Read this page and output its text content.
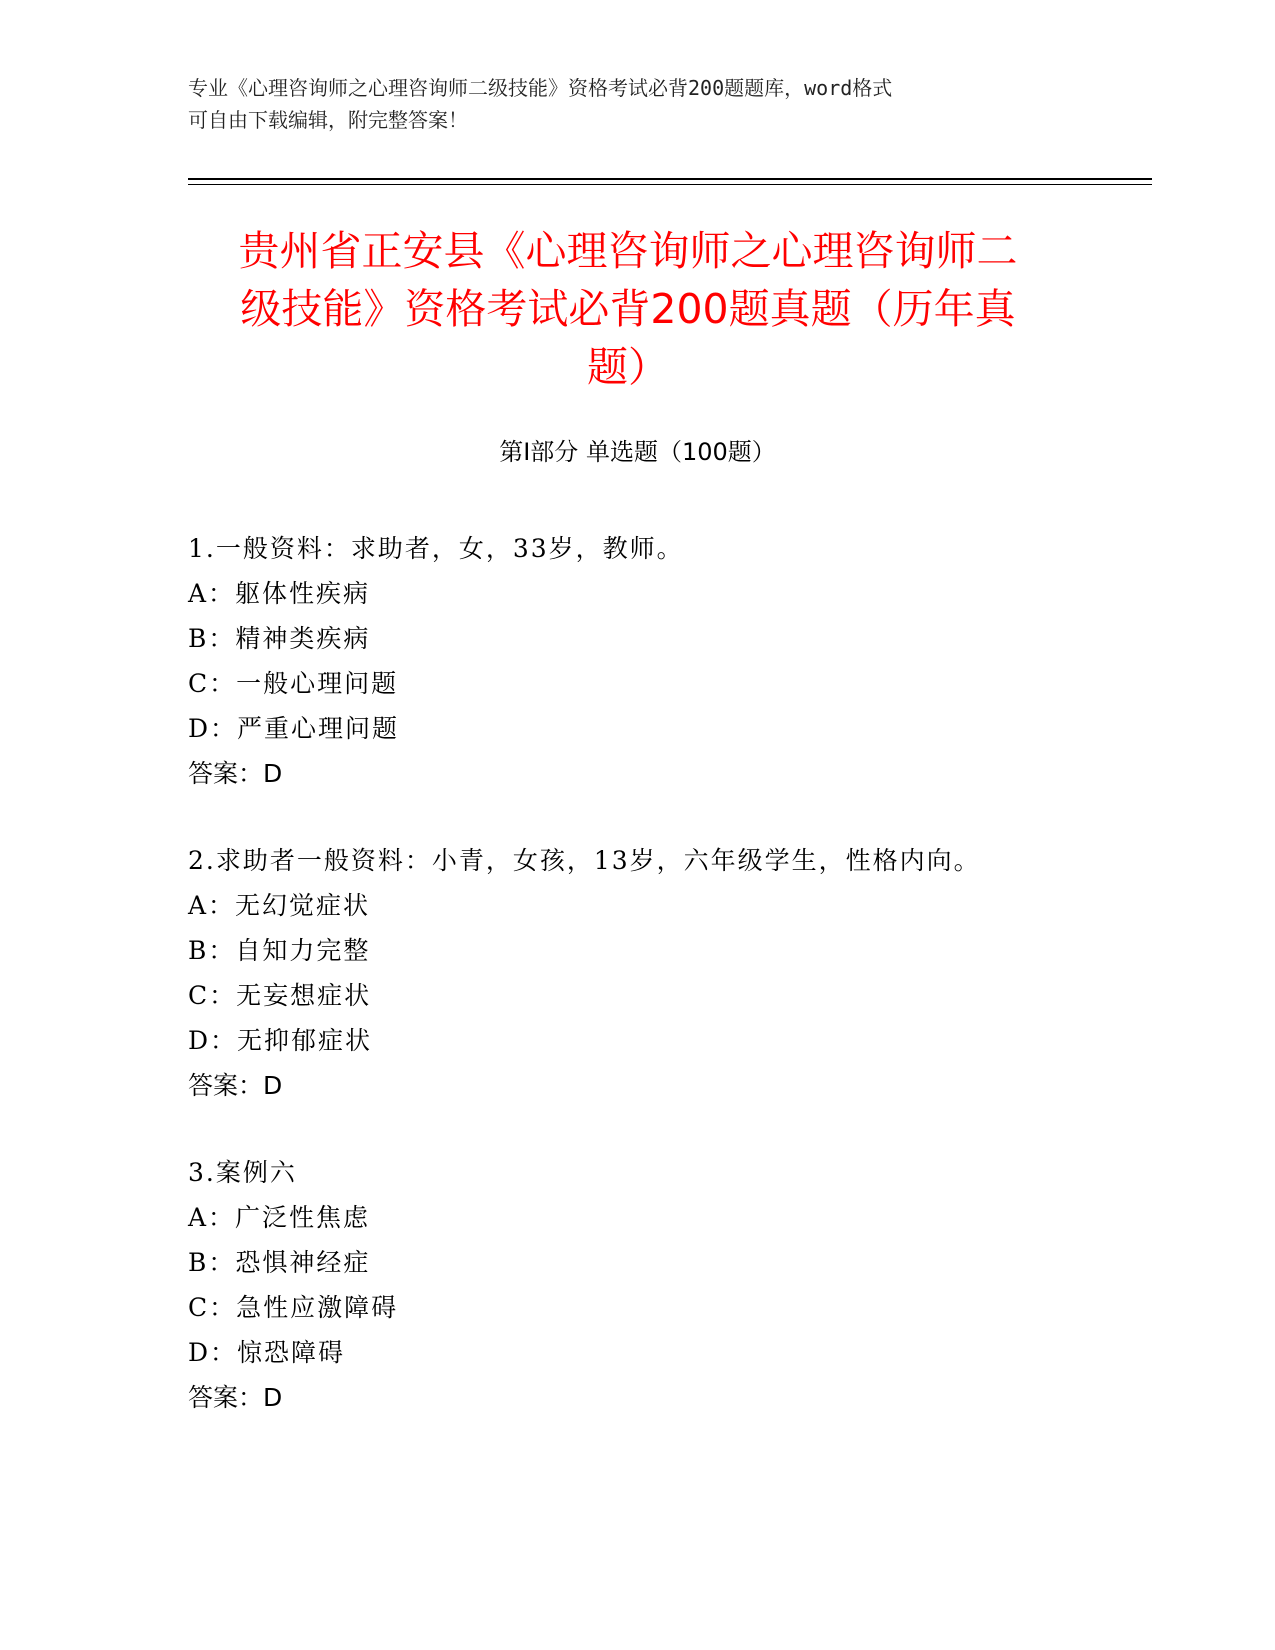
专业《心理咨询师之心理咨询师二级技能》资格考试必背200题题库，word格式

可自由下载编辑，附完整答案！

贵州省正安县《心理咨询师之心理咨询师二
级技能》资格考试必背200题真题（历年真
题）
第Ⅰ部分 单选题（100题）
1.一般资料：求助者，女，33岁，教师。
A：躯体性疾病
B：精神类疾病
C：一般心理问题
D：严重心理问题
答案：D
2.求助者一般资料：小青，女孩，13岁，六年级学生，性格内向。
A：无幻觉症状
B：自知力完整
C：无妄想症状
D：无抑郁症状
答案：D
3.案例六
A：广泛性焦虑
B：恐惧神经症
C：急性应激障碍
D：惊恐障碍
答案：D
